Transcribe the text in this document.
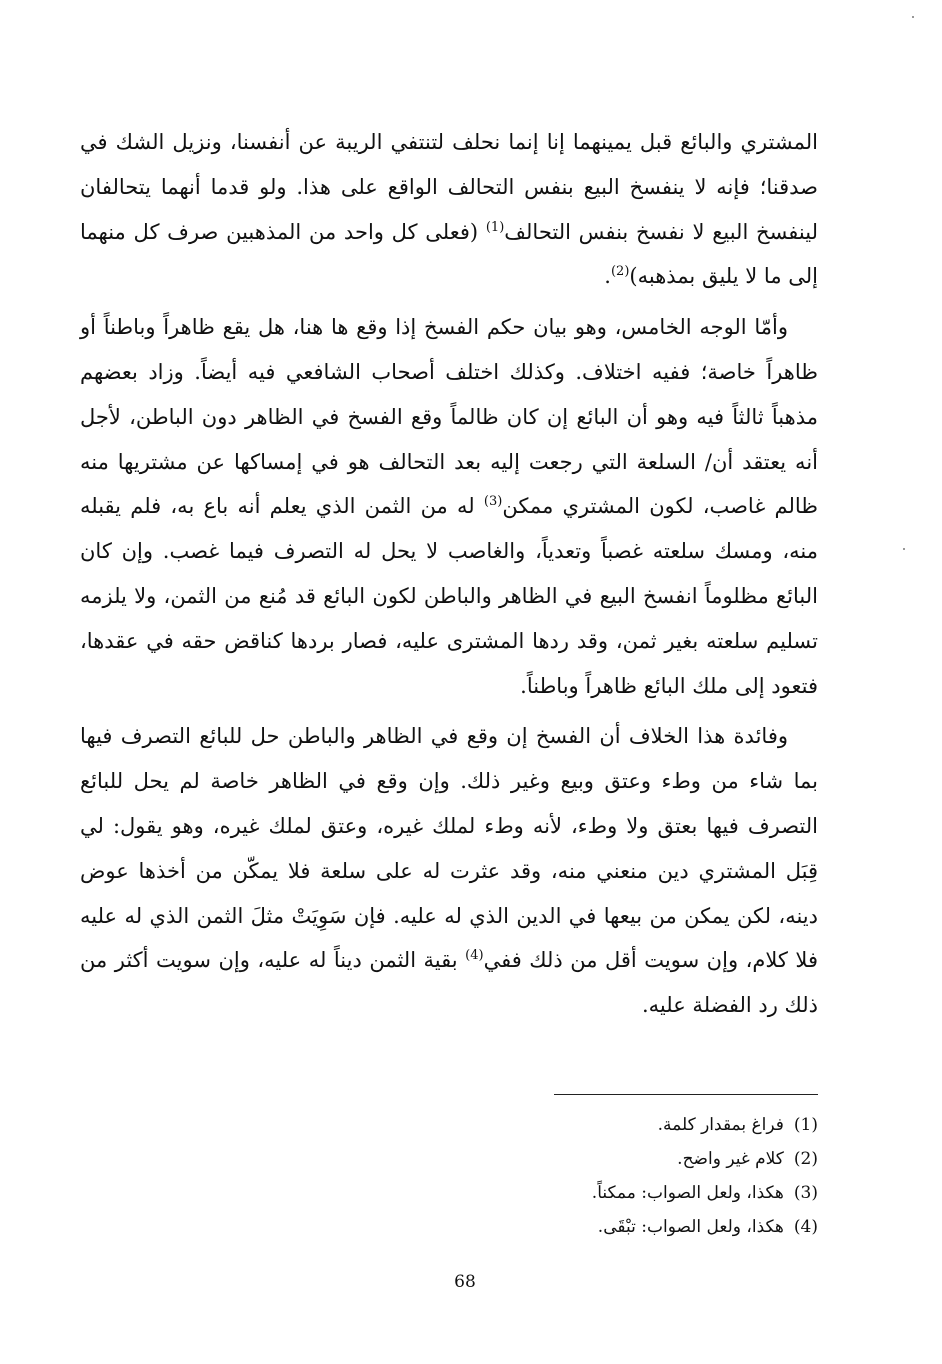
المشتري والبائع قبل يمينهما إنا إنما نحلف لتنتفي الريبة عن أنفسنا، ونزيل الشك في صدقنا؛ فإنه لا ينفسخ البيع بنفس التحالف الواقع على هذا. ولو قدما أنهما يتحالفان لينفسخ البيع لا نفسخ بنفس التحالف$^{(1)}$ (فعلى كل واحد من المذهبين صرف كل منهما إلى ما لا يليق بمذهبه)$^{(2)}$.

وأمّا الوجه الخامس، وهو بيان حكم الفسخ إذا وقع ها هنا، هل يقع ظاهراً وباطناً أو ظاهراً خاصة؛ ففيه اختلاف. وكذلك اختلف أصحاب الشافعي فيه أيضاً. وزاد بعضهم مذهباً ثالثاً فيه وهو أن البائع إن كان ظالماً وقع الفسخ في الظاهر دون الباطن، لأجل أنه يعتقد أن/ السلعة التي رجعت إليه بعد التحالف هو في إمساكها عن مشتريها منه ظالم غاصب، لكون المشتري ممكن$^{(3)}$ له من الثمن الذي يعلم أنه باع به، فلم يقبله منه، ومسك سلعته غصباً وتعدياً، والغاصب لا يحل له التصرف فيما غصب. وإن كان البائع مظلوماً انفسخ البيع في الظاهر والباطن لكون البائع قد مُنع من الثمن، ولا يلزمه تسليم سلعته بغير ثمن، وقد ردها المشترى عليه، فصار بردها كناقض حقه في عقدها، فتعود إلى ملك البائع ظاهراً وباطناً.

وفائدة هذا الخلاف أن الفسخ إن وقع في الظاهر والباطن حل للبائع التصرف فيها بما شاء من وطء وعتق وبيع وغير ذلك. وإن وقع في الظاهر خاصة لم يحل للبائع التصرف فيها بعتق ولا وطء، لأنه وطء لملك غيره، وعتق لملك غيره، وهو يقول: لي قِبَل المشتري دين منعني منه، وقد عثرت له على سلعة فلا يمكّن من أخذها عوض دينه، لكن يمكن من بيعها في الدين الذي له عليه. فإن سَوِيَتْ مثلَ الثمن الذي له عليه فلا كلام، وإن سويت أقل من ذلك ففي$^{(4)}$ بقية الثمن ديناً له عليه، وإن سويت أكثر من ذلك رد الفضلة عليه.

(1)فراغ بمقدار كلمة.
(2)كلام غير واضح.
(3)هكذا، ولعل الصواب: ممكناً.
(4)هكذا، ولعل الصواب: تبْقَى.
68
